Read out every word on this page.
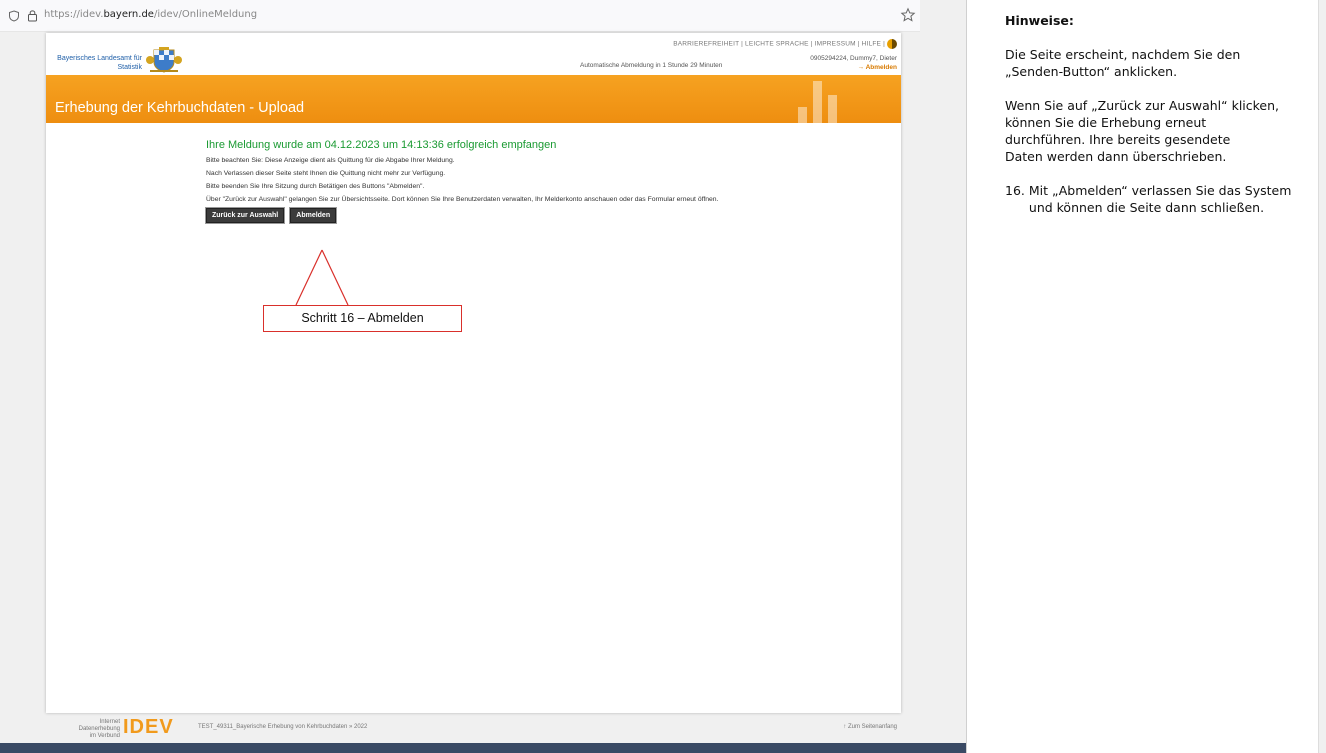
https://idev.bayern.de/idev/OnlineMeldung
Bayerisches Landesamt für
Statistik
BARRIEREFREIHEIT | LEICHTE SPRACHE | IMPRESSUM | HILFE |
0905294224, Dummy7, Dieter
Automatische Abmeldung in 1 Stunde 29 Minuten	→ Abmelden
Erhebung der Kehrbuchdaten - Upload
Ihre Meldung wurde am 04.12.2023 um 14:13:36 erfolgreich empfangen
Bitte beachten Sie: Diese Anzeige dient als Quittung für die Abgabe Ihrer Meldung.
Nach Verlassen dieser Seite steht Ihnen die Quittung nicht mehr zur Verfügung.
Bitte beenden Sie Ihre Sitzung durch Betätigen des Buttons "Abmelden".
Über "Zurück zur Auswahl" gelangen Sie zur Übersichtsseite. Dort können Sie Ihre Benutzerdaten verwalten, Ihr Melderkonto anschauen oder das Formular erneut öffnen.
Zurück zur Auswahl	Abmelden
Schritt 16 – Abmelden
Internet Datenerhebung
im Verbund IDEV	TEST_49311_Bayerische Erhebung von Kehrbuchdaten » 2022	↑ Zum Seitenanfang
Hinweise:
Die Seite erscheint, nachdem Sie den
„Senden-Button“ anklicken.
Wenn Sie auf „Zurück zur Auswahl“ klicken,
können Sie die Erhebung erneut
durchführen. Ihre bereits gesendete
Daten werden dann überschrieben.
16. Mit „Abmelden“ verlassen Sie das System
und können die Seite dann schließen.
